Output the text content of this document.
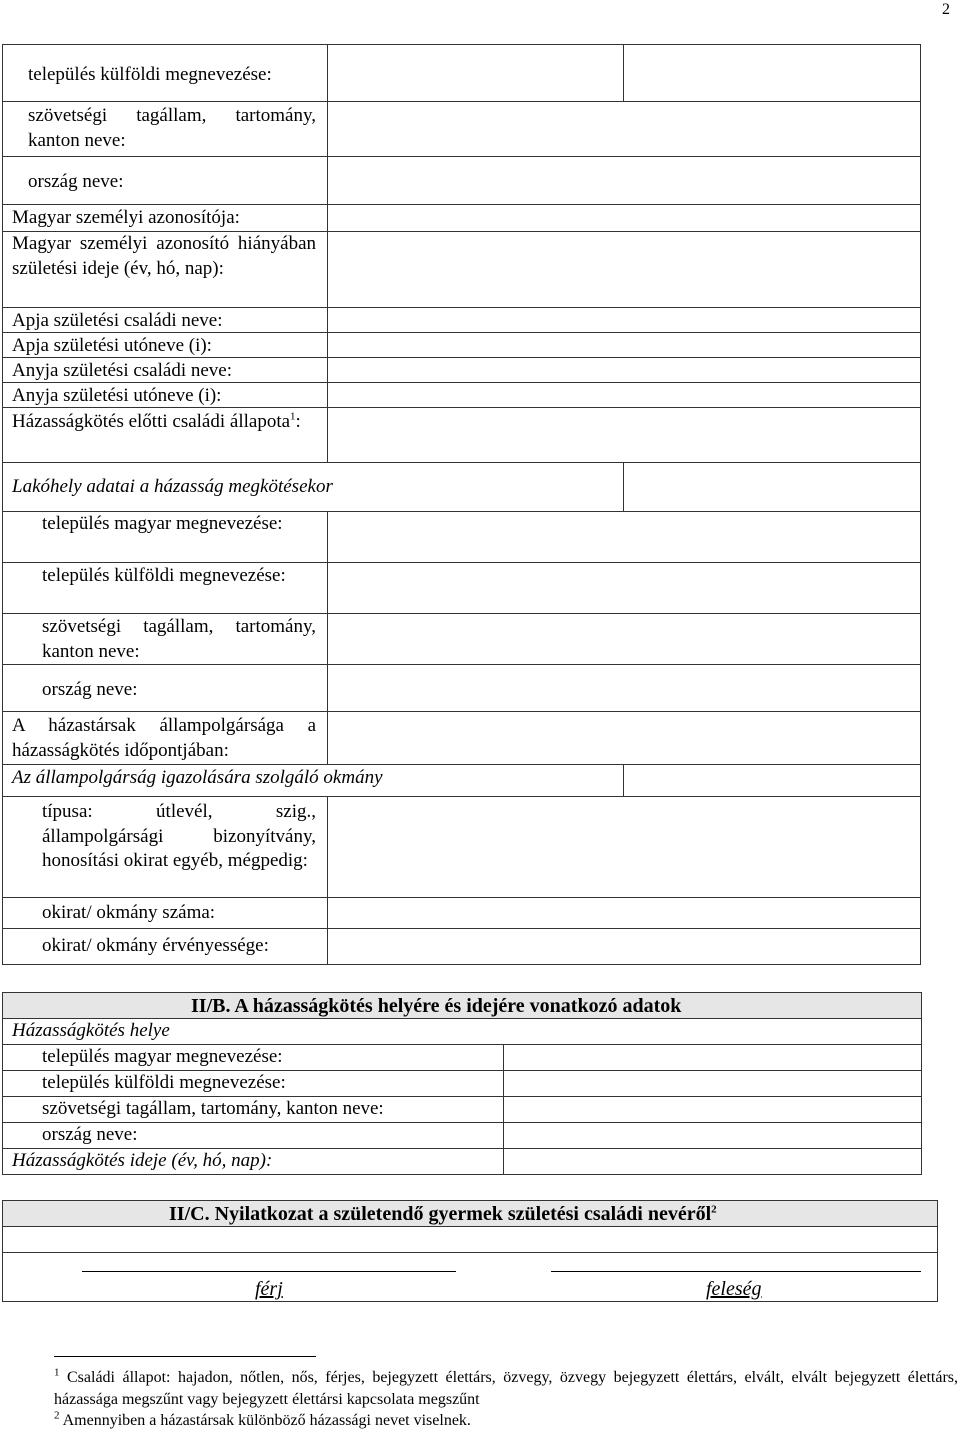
2
település külföldi megnevezése:
szövetségi tagállam, tartomány, kanton neve:
ország neve:
Magyar személyi azonosítója:
Magyar személyi azonosító hiányában születési ideje (év, hó, nap):
Apja születési családi neve:
Apja születési utóneve (i):
Anyja születési családi neve:
Anyja születési utóneve (i):
Házasságkötés előtti családi állapota$^1$:
Lakóhely adatai a házasság megkötésekor
település magyar megnevezése:
település külföldi megnevezése:
szövetségi tagállam, tartomány, kanton neve:
ország neve:
A házastársak állampolgársága a házasságkötés időpontjában:
Az állampolgárság igazolására szolgáló okmány
típusa: útlevél, szig., állampolgársági bizonyítvány, honosítási okirat egyéb, mégpedig:
okirat/ okmány száma:
okirat/ okmány érvényessége:
II/B. A házasságkötés helyére és idejére vonatkozó adatok
Házasságkötés helye
település magyar megnevezése:
település külföldi megnevezése:
szövetségi tagállam, tartomány, kanton neve:
ország neve:
Házasságkötés ideje (év, hó, nap):
II/C. Nyilatkozat a születendő gyermek születési családi nevéről$^2$
férj	feleség
$^1$ Családi állapot: hajadon, nőtlen, nős, férjes, bejegyzett élettárs, özvegy, özvegy bejegyzett élettárs, elvált, elvált bejegyzett élettárs, házassága megszűnt vagy bejegyzett élettársi kapcsolata megszűnt
$^2$ Amennyiben a házastársak különböző házassági nevet viselnek.
